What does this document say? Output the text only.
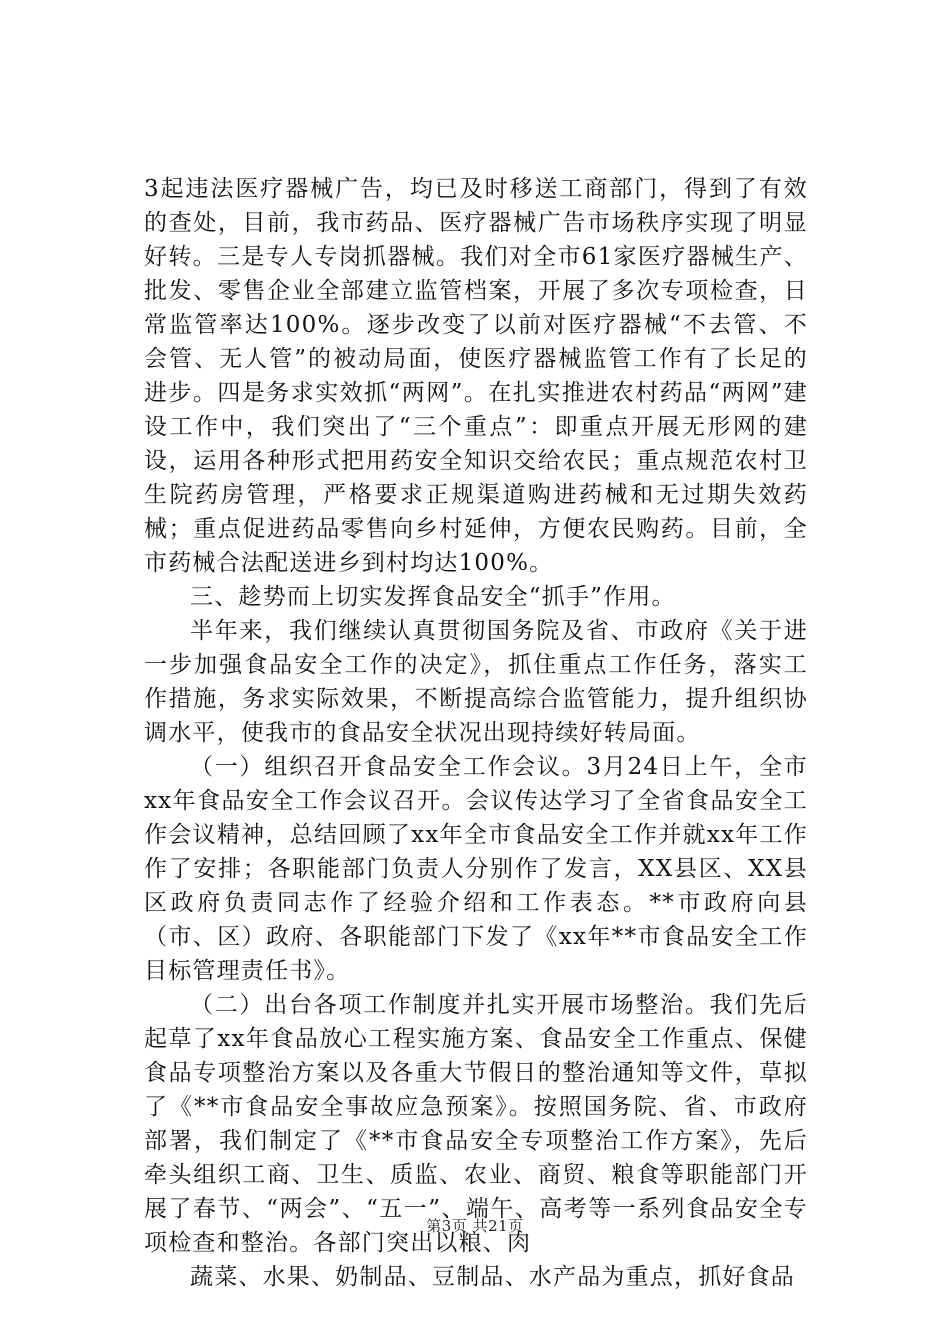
3起违法医疗器械广告，均已及时移送工商部门，得到了有效的查处，目前，我市药品、医疗器械广告市场秩序实现了明显好转。三是专人专岗抓器械。我们对全市61家医疗器械生产、批发、零售企业全部建立监管档案，开展了多次专项检查，日常监管率达100%。逐步改变了以前对医疗器械“不去管、不会管、无人管”的被动局面，使医疗器械监管工作有了长足的进步。四是务求实效抓“两网”。在扎实推进农村药品“两网”建设工作中，我们突出了“三个重点”：即重点开展无形网的建设，运用各种形式把用药安全知识交给农民；重点规范农村卫生院药房管理，严格要求正规渠道购进药械和无过期失效药械；重点促进药品零售向乡村延伸，方便农民购药。目前，全市药械合法配送进乡到村均达100%。

三、趁势而上切实发挥食品安全“抓手”作用。

半年来，我们继续认真贯彻国务院及省、市政府《关于进一步加强食品安全工作的决定》，抓住重点工作任务，落实工作措施，务求实际效果，不断提高综合监管能力，提升组织协调水平，使我市的食品安全状况出现持续好转局面。

（一）组织召开食品安全工作会议。3月24日上午，全市xx年食品安全工作会议召开。会议传达学习了全省食品安全工作会议精神，总结回顾了xx年全市食品安全工作并就xx年工作作了安排；各职能部门负责人分别作了发言，XX县区、XX县区政府负责同志作了经验介绍和工作表态。**市政府向县（市、区）政府、各职能部门下发了《xx年**市食品安全工作目标管理责任书》。

（二）出台各项工作制度并扎实开展市场整治。我们先后起草了xx年食品放心工程实施方案、食品安全工作重点、保健食品专项整治方案以及各重大节假日的整治通知等文件，草拟了《**市食品安全事故应急预案》。按照国务院、省、市政府部署，我们制定了《**市食品安全专项整治工作方案》，先后牵头组织工商、卫生、质监、农业、商贸、粮食等职能部门开展了春节、“两会”、“五一”、端午、高考等一系列食品安全专项检查和整治。各部门突出以粮、肉

蔬菜、水果、奶制品、豆制品、水产品为重点，抓好食品

第3页 共21页
